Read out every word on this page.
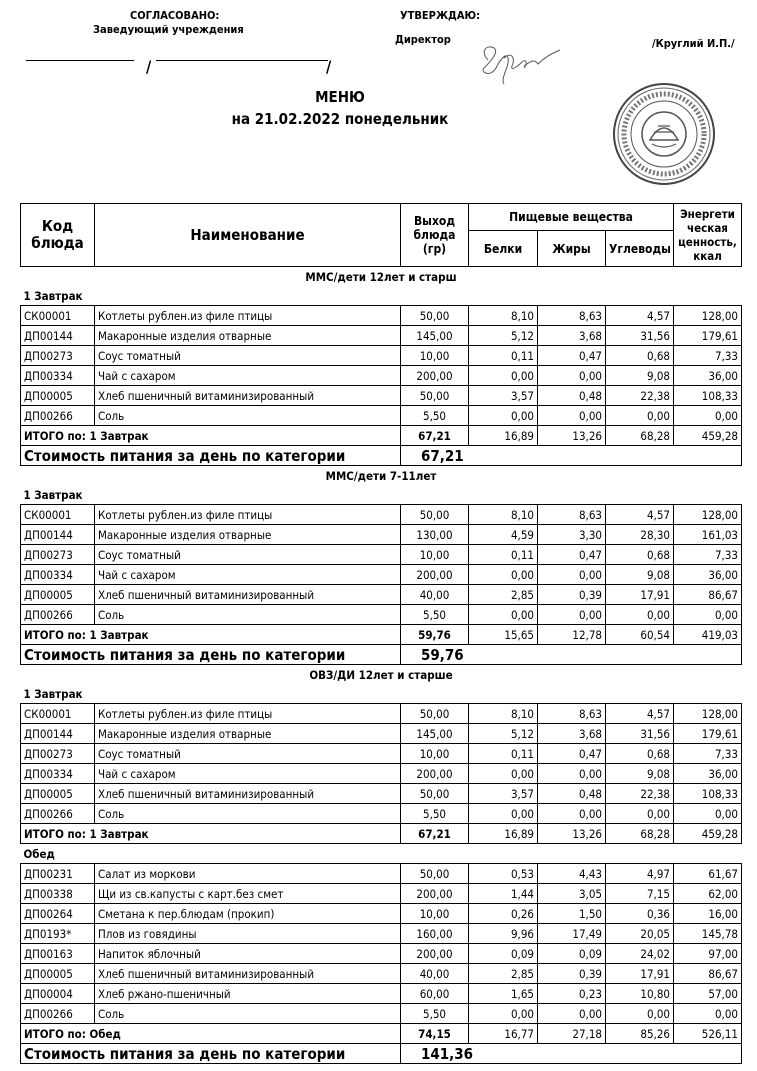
СОГЛАСОВАНО:
Заведующий учреждения
УТВЕРЖДАЮ:
Директор	/Круглий И.П./
/	/
МЕНЮ
на 21.02.2022 понедельник
Код блюда	Наименование	Выход блюда (гр)	Пищевые вещества			Энергети ческая ценность, ккал
			Белки	Жиры	Углеводы	
ММС/дети 12лет и старш						
1 Завтрак						
СК00001	Котлеты рублен.из филе птицы	50,00	8,10	8,63	4,57	128,00
ДП00144	Макаронные изделия отварные	145,00	5,12	3,68	31,56	179,61
ДП00273	Соус томатный	10,00	0,11	0,47	0,68	7,33
ДП00334	Чай с сахаром	200,00	0,00	0,00	9,08	36,00
ДП00005	Хлеб пшеничный витаминизированный	50,00	3,57	0,48	22,38	108,33
ДП00266	Соль	5,50	0,00	0,00	0,00	0,00
ИТОГО по: 1 Завтрак		67,21	16,89	13,26	68,28	459,28
Стоимость питания за день по категории		67,21				
ММС/дети 7-11лет						
1 Завтрак						
СК00001	Котлеты рублен.из филе птицы	50,00	8,10	8,63	4,57	128,00
ДП00144	Макаронные изделия отварные	130,00	4,59	3,30	28,30	161,03
ДП00273	Соус томатный	10,00	0,11	0,47	0,68	7,33
ДП00334	Чай с сахаром	200,00	0,00	0,00	9,08	36,00
ДП00005	Хлеб пшеничный витаминизированный	40,00	2,85	0,39	17,91	86,67
ДП00266	Соль	5,50	0,00	0,00	0,00	0,00
ИТОГО по: 1 Завтрак		59,76	15,65	12,78	60,54	419,03
Стоимость питания за день по категории		59,76				
ОВЗ/ДИ 12лет и старше						
1 Завтрак						
СК00001	Котлеты рублен.из филе птицы	50,00	8,10	8,63	4,57	128,00
ДП00144	Макаронные изделия отварные	145,00	5,12	3,68	31,56	179,61
ДП00273	Соус томатный	10,00	0,11	0,47	0,68	7,33
ДП00334	Чай с сахаром	200,00	0,00	0,00	9,08	36,00
ДП00005	Хлеб пшеничный витаминизированный	50,00	3,57	0,48	22,38	108,33
ДП00266	Соль	5,50	0,00	0,00	0,00	0,00
ИТОГО по: 1 Завтрак		67,21	16,89	13,26	68,28	459,28
Обед						
ДП00231	Салат из моркови	50,00	0,53	4,43	4,97	61,67
ДП00338	Щи из св.капусты с карт.без смет	200,00	1,44	3,05	7,15	62,00
ДП00264	Сметана к пер.блюдам (прокип)	10,00	0,26	1,50	0,36	16,00
ДП0193*	Плов из говядины	160,00	9,96	17,49	20,05	145,78
ДП00163	Напиток яблочный	200,00	0,09	0,09	24,02	97,00
ДП00005	Хлеб пшеничный витаминизированный	40,00	2,85	0,39	17,91	86,67
ДП00004	Хлеб ржано-пшеничный	60,00	1,65	0,23	10,80	57,00
ДП00266	Соль	5,50	0,00	0,00	0,00	0,00
ИТОГО по: Обед		74,15	16,77	27,18	85,26	526,11
Стоимость питания за день по категории		141,36				
